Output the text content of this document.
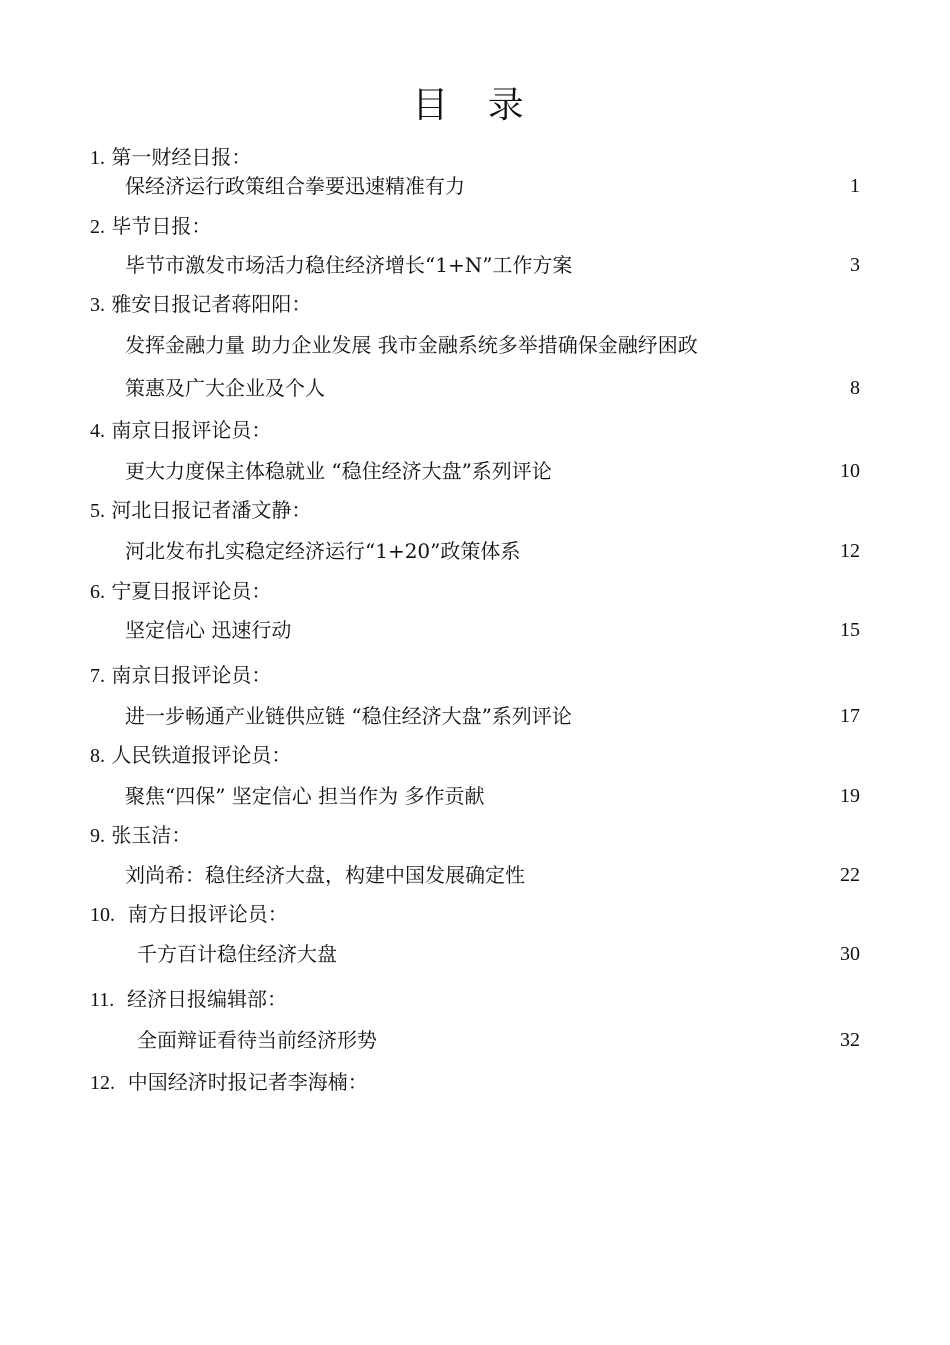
目 录
1. 第一财经日报：
保经济运行政策组合拳要迅速精准有力	1
2. 毕节日报：
毕节市激发市场活力稳住经济增长“1+N”工作方案	3
3. 雅安日报记者蒋阳阳：
发挥金融力量 助力企业发展 我市金融系统多举措确保金融纾困政
策惠及广大企业及个人	8
4. 南京日报评论员：
更大力度保主体稳就业 “稳住经济大盘”系列评论	10
5. 河北日报记者潘文静：
河北发布扎实稳定经济运行“1+20”政策体系	12
6. 宁夏日报评论员：
坚定信心 迅速行动	15
7. 南京日报评论员：
进一步畅通产业链供应链 “稳住经济大盘”系列评论	17
8. 人民铁道报评论员：
聚焦“四保” 坚定信心 担当作为 多作贡献	19
9. 张玉洁：
刘尚希：稳住经济大盘，构建中国发展确定性	22
10. 南方日报评论员：
千方百计稳住经济大盘	30
11. 经济日报编辑部：
全面辩证看待当前经济形势	32
12. 中国经济时报记者李海楠：
